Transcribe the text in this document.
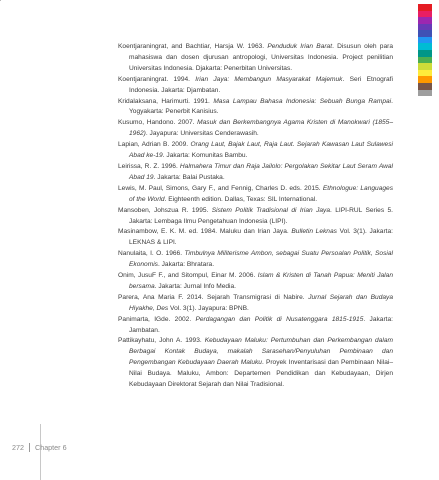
Koentjaraningrat, and Bachtiar, Harsja W. 1963. Penduduk Irian Barat. Disusun oleh para mahasiswa dan dosen djurusan antropologi, Universitas Indonesia. Project penilitian Universitas Indonesia. Djakarta: Penerbitan Universitas.

Koentjaraningrat. 1994. Irian Jaya: Membangun Masyarakat Majemuk. Seri Etnografi Indonesia. Jakarta: Djambatan.

Kridalaksana, Harimurti. 1991. Masa Lampau Bahasa Indonesia: Sebuah Bunga Rampai. Yogyakarta: Penerbit Kanisius.

Kusumo, Handono. 2007. Masuk dan Berkembangnya Agama Kristen di Manokwari (1855–1962). Jayapura: Universitas Cenderawasih.

Lapian, Adrian B. 2009. Orang Laut, Bajak Laut, Raja Laut. Sejarah Kawasan Laut Sulawesi Abad ke-19. Jakarta: Komunitas Bambu.

Leirissa, R. Z. 1996. Halmahera Timur dan Raja Jailolo: Pergolakan Sekitar Laut Seram Awal Abad 19. Jakarta: Balai Pustaka.

Lewis, M. Paul, Simons, Gary F., and Fennig, Charles D. eds. 2015. Ethnologue: Languages of the World. Eighteenth edition. Dallas, Texas: SIL International.

Mansoben, Johszua R. 1995. Sistem Politik Tradisional di Irian Jaya. LIPI-RUL Series 5. Jakarta: Lembaga Ilmu Pengetahuan Indonesia (LIPI).

Masinambow, E. K. M. ed. 1984. Maluku dan Irian Jaya. Bulletin Leknas Vol. 3(1). Jakarta: LEKNAS & LIPI.

Nanulaita, I. O. 1966. Timbulnya Militerisme Ambon, sebagai Suatu Persoalan Politik, Sosial Ekonomis. Jakarta: Bhratara.

Onim, JusuF F., and Sitompul, Einar M. 2006. Islam & Kristen di Tanah Papua: Meniti Jalan bersama. Jakarta: Jurnal Info Media.

Parera, Ana Maria F. 2014. Sejarah Transmigrasi di Nabire. Jurnal Sejarah dan Budaya Hiyakhe, Des Vol. 3(1). Jayapura: BPNB.

Panimarta, IGde. 2002. Perdagangan dan Politik di Nusatenggara 1815-1915. Jakarta: Jambatan.

Pattikayhatu, John A. 1993. Kebudayaan Maluku: Pertumbuhan dan Perkembangan dalam Berbagai Kontak Budaya, makalah Sarasehan/Penyuluhan Pembinaan dan Pengembangan Kebudayaan Daerah Maluku. Proyek Inventarisasi dan Pembinaan Nilai–Nilai Budaya. Maluku, Ambon: Departemen Pendidikan dan Kebudayaan, Dirjen Kebudayaan Direktorat Sejarah dan Nilai Tradisional.

272 Chapter 6
